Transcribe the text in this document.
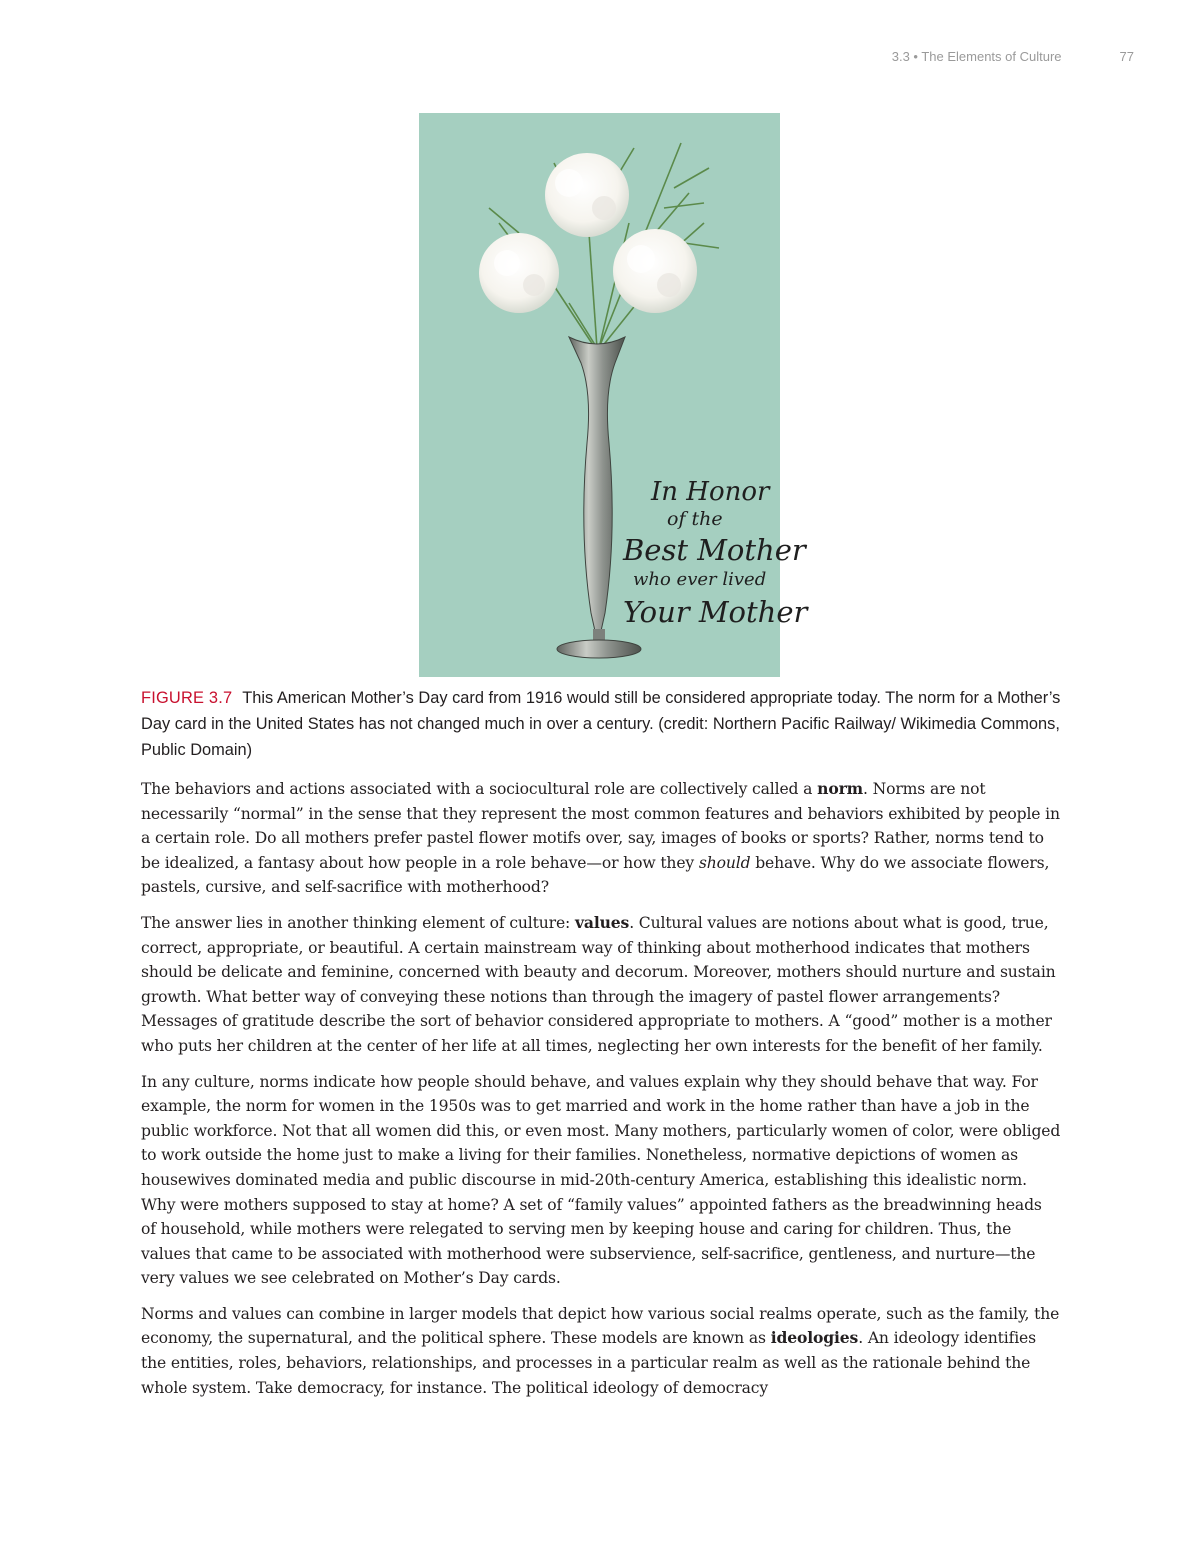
3.3 • The Elements of Culture	77
In Honor
of the
Best Mother
who ever lived
Your Mother

FIGURE 3.7 This American Mother’s Day card from 1916 would still be considered appropriate today. The norm for a Mother’s Day card in the United States has not changed much in over a century. (credit: Northern Pacific Railway/ Wikimedia Commons, Public Domain)

The behaviors and actions associated with a sociocultural role are collectively called a norm. Norms are not necessarily “normal” in the sense that they represent the most common features and behaviors exhibited by people in a certain role. Do all mothers prefer pastel flower motifs over, say, images of books or sports? Rather, norms tend to be idealized, a fantasy about how people in a role behave—or how they should behave. Why do we associate flowers, pastels, cursive, and self-sacrifice with motherhood?

The answer lies in another thinking element of culture: values. Cultural values are notions about what is good, true, correct, appropriate, or beautiful. A certain mainstream way of thinking about motherhood indicates that mothers should be delicate and feminine, concerned with beauty and decorum. Moreover, mothers should nurture and sustain growth. What better way of conveying these notions than through the imagery of pastel flower arrangements? Messages of gratitude describe the sort of behavior considered appropriate to mothers. A “good” mother is a mother who puts her children at the center of her life at all times, neglecting her own interests for the benefit of her family.

In any culture, norms indicate how people should behave, and values explain why they should behave that way. For example, the norm for women in the 1950s was to get married and work in the home rather than have a job in the public workforce. Not that all women did this, or even most. Many mothers, particularly women of color, were obliged to work outside the home just to make a living for their families. Nonetheless, normative depictions of women as housewives dominated media and public discourse in mid-20th-century America, establishing this idealistic norm. Why were mothers supposed to stay at home? A set of “family values” appointed fathers as the breadwinning heads of household, while mothers were relegated to serving men by keeping house and caring for children. Thus, the values that came to be associated with motherhood were subservience, self-sacrifice, gentleness, and nurture—the very values we see celebrated on Mother’s Day cards.

Norms and values can combine in larger models that depict how various social realms operate, such as the family, the economy, the supernatural, and the political sphere. These models are known as ideologies. An ideology identifies the entities, roles, behaviors, relationships, and processes in a particular realm as well as the rationale behind the whole system. Take democracy, for instance. The political ideology of democracy
